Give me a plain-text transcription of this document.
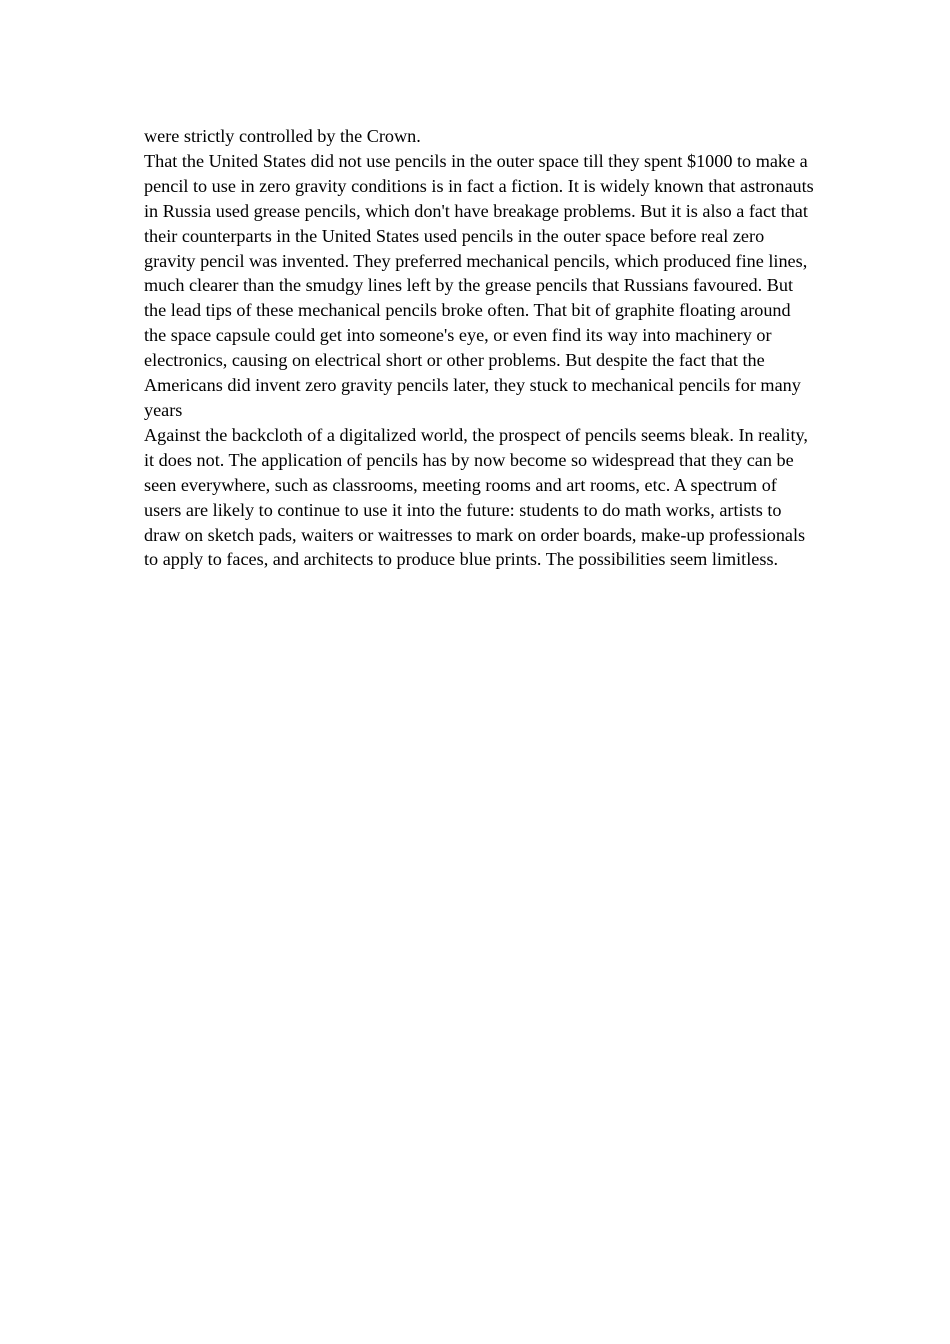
were strictly controlled by the Crown.

That the United States did not use pencils in the outer space till they spent $1000 to make a pencil to use in zero gravity conditions is in fact a fiction. It is widely known that astronauts in Russia used grease pencils, which don't have breakage problems. But it is also a fact that their counterparts in the United States used pencils in the outer space before real zero gravity pencil was invented. They preferred mechanical pencils, which produced fine lines, much clearer than the smudgy lines left by the grease pencils that Russians favoured. But the lead tips of these mechanical pencils broke often. That bit of graphite floating around the space capsule could get into someone's eye, or even find its way into machinery or electronics, causing on electrical short or other problems. But despite the fact that the Americans did invent zero gravity pencils later, they stuck to mechanical pencils for many years

Against the backcloth of a digitalized world, the prospect of pencils seems bleak. In reality, it does not. The application of pencils has by now become so widespread that they can be seen everywhere, such as classrooms, meeting rooms and art rooms, etc. A spectrum of users are likely to continue to use it into the future: students to do math works, artists to draw on sketch pads, waiters or waitresses to mark on order boards, make-up professionals to apply to faces, and architects to produce blue prints. The possibilities seem limitless.
